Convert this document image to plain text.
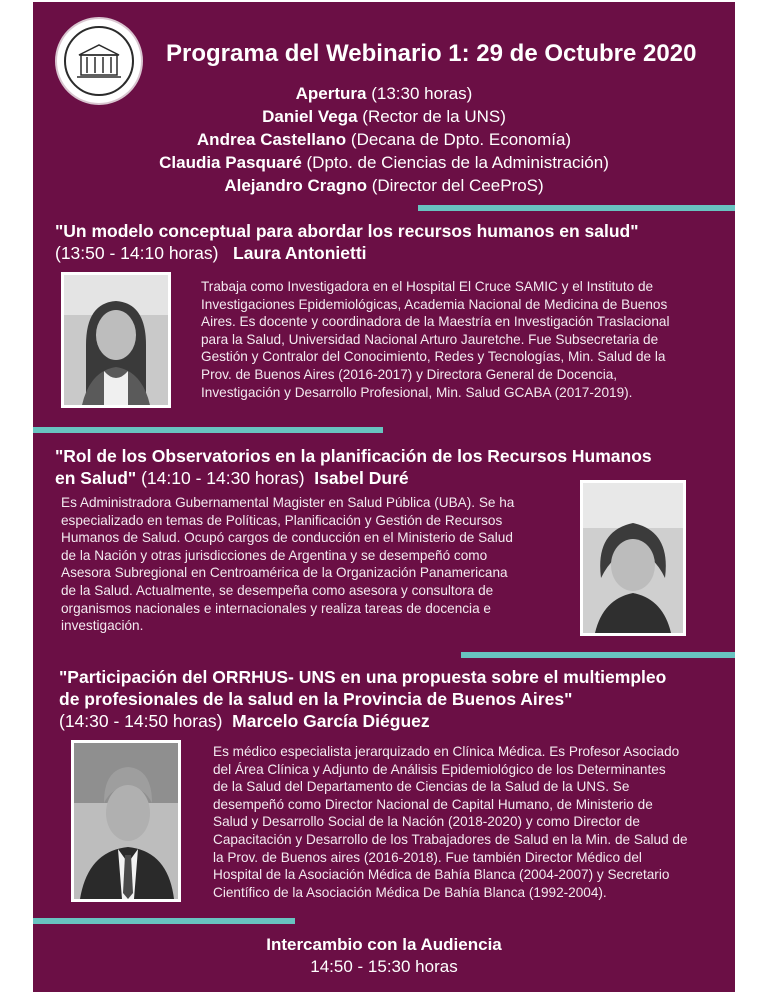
Programa del Webinario 1: 29 de Octubre 2020
Apertura (13:30 horas)
Daniel Vega (Rector de la UNS)
Andrea Castellano (Decana de Dpto. Economía)
Claudia Pasquaré (Dpto. de Ciencias de la Administración)
Alejandro Cragno (Director del CeeProS)
"Un modelo conceptual para abordar los recursos humanos en salud"
(13:50 - 14:10 horas) Laura Antonietti
Trabaja como Investigadora en el Hospital El Cruce SAMIC y el Instituto de
Investigaciones Epidemiológicas, Academia Nacional de Medicina de Buenos
Aires. Es docente y coordinadora de la Maestría en Investigación Traslacional
para la Salud, Universidad Nacional Arturo Jauretche. Fue Subsecretaria de
Gestión y Contralor del Conocimiento, Redes y Tecnologías, Min. Salud de la
Prov. de Buenos Aires (2016-2017) y Directora General de Docencia,
Investigación y Desarrollo Profesional, Min. Salud GCABA (2017-2019).
"Rol de los Observatorios en la planificación de los Recursos Humanos
en Salud" (14:10 - 14:30 horas) Isabel Duré
Es Administradora Gubernamental Magister en Salud Pública (UBA). Se ha
especializado en temas de Políticas, Planificación y Gestión de Recursos
Humanos de Salud. Ocupó cargos de conducción en el Ministerio de Salud
de la Nación y otras jurisdicciones de Argentina y se desempeñó como
Asesora Subregional en Centroamérica de la Organización Panamericana
de la Salud. Actualmente, se desempeña como asesora y consultora de
organismos nacionales e internacionales y realiza tareas de docencia e
investigación.
"Participación del ORRHUS- UNS en una propuesta sobre el multiempleo
de profesionales de la salud en la Provincia de Buenos Aires"
(14:30 - 14:50 horas) Marcelo García Diéguez
Es médico especialista jerarquizado en Clínica Médica. Es Profesor Asociado
del Área Clínica y Adjunto de Análisis Epidemiológico de los Determinantes
de la Salud del Departamento de Ciencias de la Salud de la UNS. Se
desempeñó como Director Nacional de Capital Humano, de Ministerio de
Salud y Desarrollo Social de la Nación (2018-2020) y como Director de
Capacitación y Desarrollo de los Trabajadores de Salud en la Min. de Salud de
la Prov. de Buenos aires (2016-2018). Fue también Director Médico del
Hospital de la Asociación Médica de Bahía Blanca (2004-2007) y Secretario
Científico de la Asociación Médica De Bahía Blanca (1992-2004).
Intercambio con la Audiencia
14:50 - 15:30 horas
